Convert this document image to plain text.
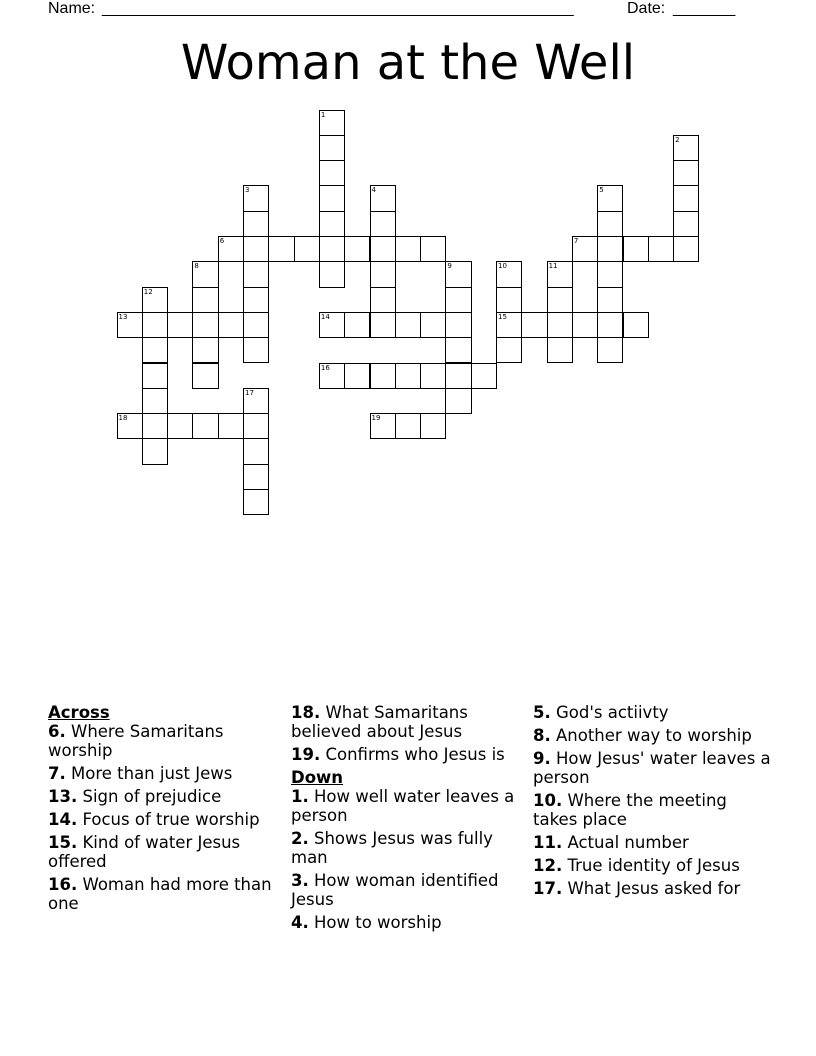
Name: _____________________________________________________	Date: _______
Woman at the Well
1
2
3	4	5
6	7
8	9	10
15
11
12
13	14
16
17
18	19
Across
6. Where Samaritans worship
7. More than just Jews
13. Sign of prejudice
14. Focus of true worship
15. Kind of water Jesus offered
16. Woman had more than one
18. What Samaritans believed about Jesus
19. Confirms who Jesus is
Down
1. How well water leaves a person
2. Shows Jesus was fully man
3. How woman identified Jesus
4. How to worship
5. God's actiivty
8. Another way to worship
9. How Jesus' water leaves a person
10. Where the meeting takes place
11. Actual number
12. True identity of Jesus
17. What Jesus asked for
